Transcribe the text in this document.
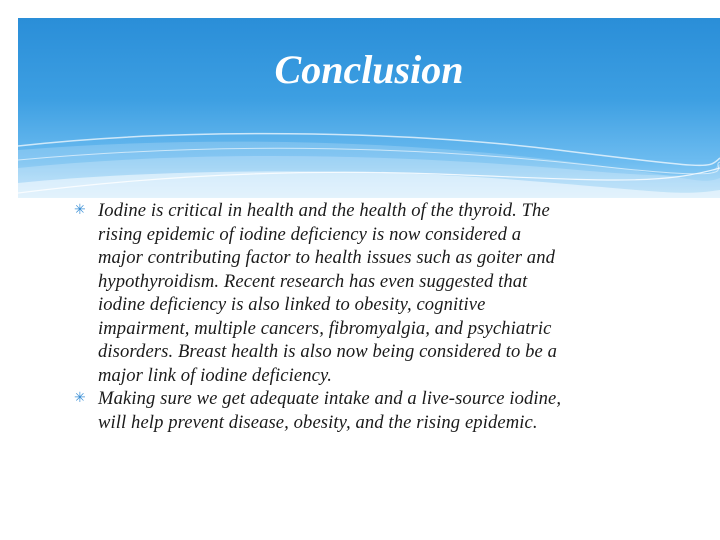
Conclusion
✳ Iodine is critical in health and the health of the thyroid. The
rising epidemic of iodine deficiency is now considered a
major contributing factor to health issues such as goiter and
hypothyroidism. Recent research has even suggested that
iodine deficiency is also linked to obesity, cognitive
impairment, multiple cancers, fibromyalgia, and psychiatric
disorders. Breast health is also now being considered to be a
major link of iodine deficiency.
✳ Making sure we get adequate intake and a live-source iodine,
will help prevent disease, obesity, and the rising epidemic.
